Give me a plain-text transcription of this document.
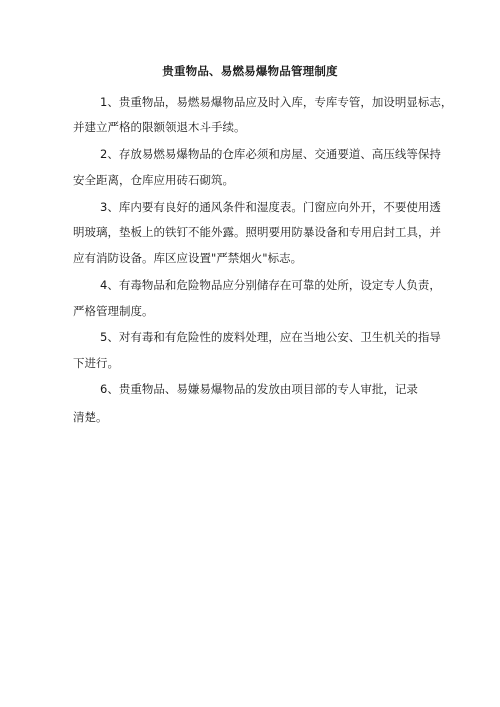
贵重物品、易燃易爆物品管理制度
1、贵重物品，易燃易爆物品应及时入库，专库专管，加设明显标志，
并建立严格的限额领退木斗手续。
2、存放易燃易爆物品的仓库必须和房屋、交通要道、高压线等保持
安全距离，仓库应用砖石砌筑。
3、库内要有良好的通风条件和湿度表。门窗应向外开，不要使用透
明玻璃，垫板上的铁钉不能外露。照明要用防暴设备和专用启封工具，并
应有消防设备。库区应设置"严禁烟火"标志。
4、有毒物品和危险物品应分别储存在可靠的处所，设定专人负责，
严格管理制度。
5、对有毒和有危险性的废料处理，应在当地公安、卫生机关的指导
下进行。
6、贵重物品、易嫌易爆物品的发放由项目部的专人审批，记录
清楚。
